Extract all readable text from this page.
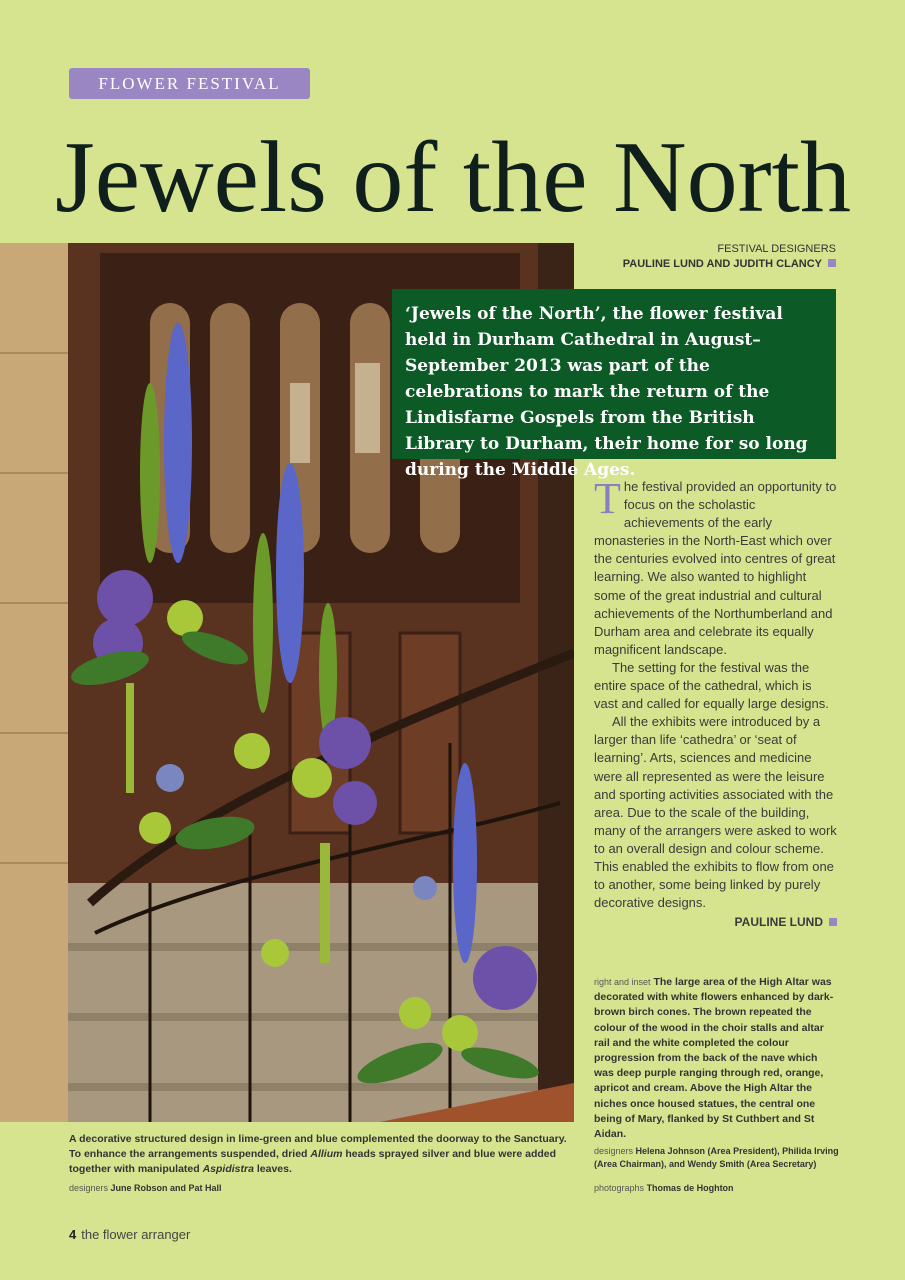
FLOWER FESTIVAL
Jewels of the North
FESTIVAL DESIGNERS
PAULINE LUND AND JUDITH CLANCY
‘Jewels of the North’, the flower festival held in Durham Cathedral in August–September 2013 was part of the celebrations to mark the return of the Lindisfarne Gospels from the British Library to Durham, their home for so long during the Middle Ages.

The festival provided an opportunity to focus on the scholastic achievements of the early monasteries in the North-East which over the centuries evolved into centres of great learning. We also wanted to highlight some of the great industrial and cultural achievements of the Northumberland and Durham area and celebrate its equally magnificent landscape.

The setting for the festival was the entire space of the cathedral, which is vast and called for equally large designs.

All the exhibits were introduced by a larger than life ‘cathedra’ or ‘seat of learning’. Arts, sciences and medicine were all represented as were the leisure and sporting activities associated with the area. Due to the scale of the building, many of the arrangers were asked to work to an overall design and colour scheme. This enabled the exhibits to flow from one to another, some being linked by purely decorative designs.

PAULINE LUND
right and inset The large area of the High Altar was decorated with white flowers enhanced by dark-brown birch cones. The brown repeated the colour of the wood in the choir stalls and altar rail and the white completed the colour progression from the back of the nave which was deep purple ranging through red, orange, apricot and cream. Above the High Altar the niches once housed statues, the central one being of Mary, flanked by St Cuthbert and St Aidan.
designers Helena Johnson (Area President), Philida Irving (Area Chairman), and Wendy Smith (Area Secretary)
photographs Thomas de Hoghton
A decorative structured design in lime-green and blue complemented the doorway to the Sanctuary. To enhance the arrangements suspended, dried Allium heads sprayed silver and blue were added together with manipulated Aspidistra leaves.
designers June Robson and Pat Hall
4 the flower arranger
